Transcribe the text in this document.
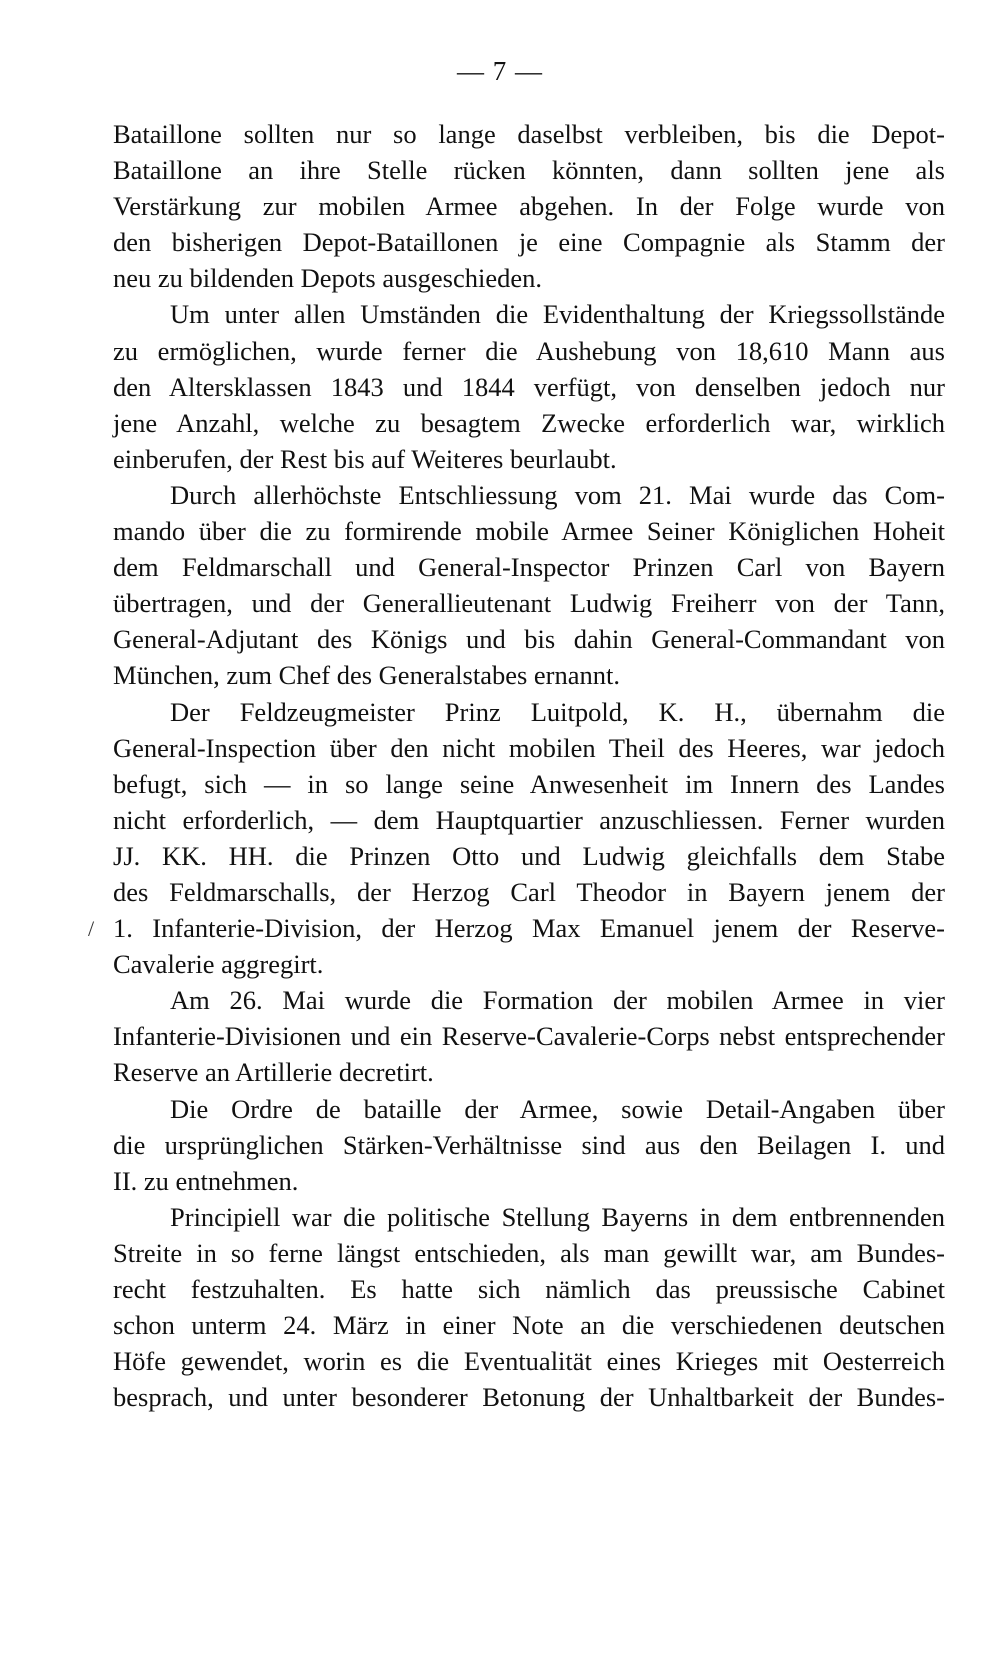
— 7 —
/
Bataillone sollten nur so lange daselbst verbleiben, bis die Depot-
Bataillone an ihre Stelle rücken könnten, dann sollten jene als
Verstärkung zur mobilen Armee abgehen. In der Folge wurde von
den bisherigen Depot-Bataillonen je eine Compagnie als Stamm der
neu zu bildenden Depots ausgeschieden.
Um unter allen Umständen die Evidenthaltung der Kriegssollstände
zu ermöglichen, wurde ferner die Aushebung von 18,610 Mann aus
den Altersklassen 1843 und 1844 verfügt, von denselben jedoch nur
jene Anzahl, welche zu besagtem Zwecke erforderlich war, wirklich
einberufen, der Rest bis auf Weiteres beurlaubt.
Durch allerhöchste Entschliessung vom 21. Mai wurde das Com-
mando über die zu formirende mobile Armee Seiner Königlichen Hoheit
dem Feldmarschall und General-Inspector Prinzen Carl von Bayern
übertragen, und der Generallieutenant Ludwig Freiherr von der Tann,
General-Adjutant des Königs und bis dahin General-Commandant von
München, zum Chef des Generalstabes ernannt.
Der Feldzeugmeister Prinz Luitpold, K. H., übernahm die
General-Inspection über den nicht mobilen Theil des Heeres, war jedoch
befugt, sich — in so lange seine Anwesenheit im Innern des Landes
nicht erforderlich, — dem Hauptquartier anzuschliessen. Ferner wurden
JJ. KK. HH. die Prinzen Otto und Ludwig gleichfalls dem Stabe
des Feldmarschalls, der Herzog Carl Theodor in Bayern jenem der
1. Infanterie-Division, der Herzog Max Emanuel jenem der Reserve-
Cavalerie aggregirt.
Am 26. Mai wurde die Formation der mobilen Armee in vier
Infanterie-Divisionen und ein Reserve-Cavalerie-Corps nebst entsprechender
Reserve an Artillerie decretirt.
Die Ordre de bataille der Armee, sowie Detail-Angaben über
die ursprünglichen Stärken-Verhältnisse sind aus den Beilagen I. und
II. zu entnehmen.
Principiell war die politische Stellung Bayerns in dem entbrennenden
Streite in so ferne längst entschieden, als man gewillt war, am Bundes-
recht festzuhalten. Es hatte sich nämlich das preussische Cabinet
schon unterm 24. März in einer Note an die verschiedenen deutschen
Höfe gewendet, worin es die Eventualität eines Krieges mit Oesterreich
besprach, und unter besonderer Betonung der Unhaltbarkeit der Bundes-
